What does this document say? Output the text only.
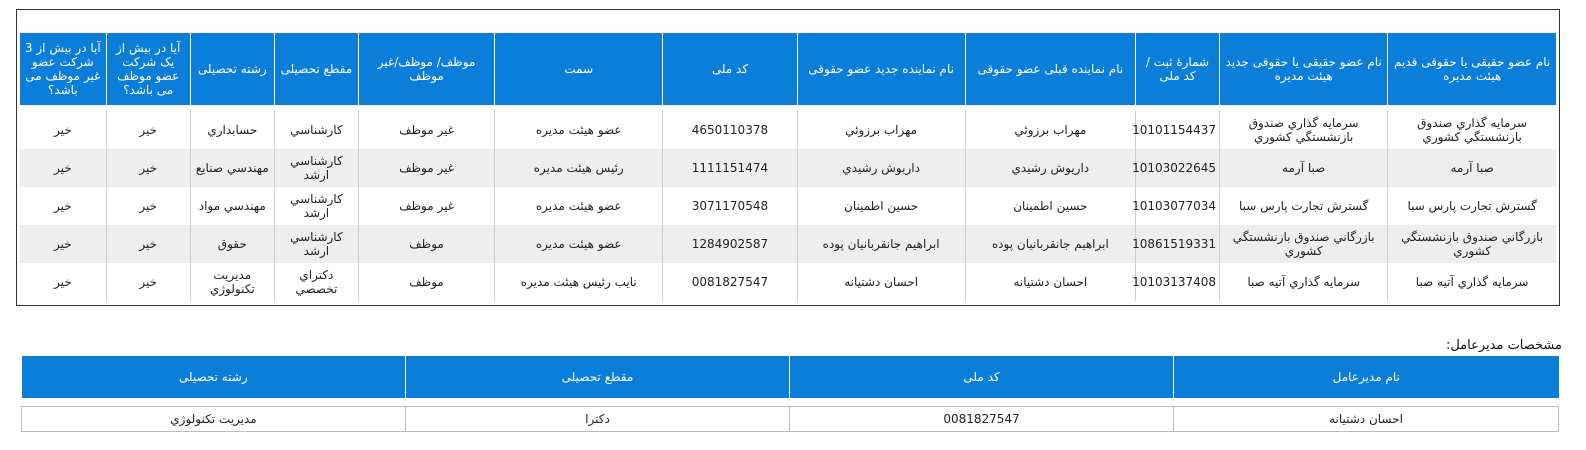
نام عضو حقیقی یا حقوقی قدیم هیئت مدیره	نام عضو حقیقی یا حقوقی جدید هیئت مدیره	شمارۀ ثبت / کد ملی	نام نماینده قبلی عضو حقوقی	نام نماینده جدید عضو حقوقی	کد ملی	سمت	موظف/ موظف/غیر موظف	مقطع تحصیلی	رشته تحصیلی	آیا در بیش از یک شرکت عضو موظف می باشد؟	آیا در بیش از 3 شرکت عضو غیر موظف می باشد؟

سرمايه گذاري صندوق بازنشستگي كشوري	سرمايه گذاري صندوق بازنشستگي كشوري	10101154437	مهراب برزوئي	مهراب برزوئي	4650110378	عضو هيئت مديره	غیر موظف	كارشناسي	حسابداري	خیر	خیر
صبا آرمه	صبا آرمه	10103022645	داريوش رشيدي	داريوش رشيدي	1111151474	رئيس هيئت مديره	غیر موظف	كارشناسي ارشد	مهندسي صنايع	خیر	خیر
گسترش تجارت پارس سبا	گسترش تجارت پارس سبا	10103077034	حسين اطمينان	حسين اطمينان	3071170548	عضو هيئت مديره	غیر موظف	كارشناسي ارشد	مهندسي مواد	خیر	خیر
بازرگاني صندوق بازنشستگي كشوري	بازرگاني صندوق بازنشستگي كشوري	10861519331	ابراهيم جانقربانيان پوده	ابراهيم جانقربانيان پوده	1284902587	عضو هيئت مديره	موظف	كارشناسي ارشد	حقوق	خیر	خیر
سرمايه گذاري آتيه صبا	سرمايه گذاري آتيه صبا	10103137408	احسان دشتيانه	احسان دشتيانه	0081827547	نايب رئيس هيئت مديره	موظف	دكتراي تخصصي	مديريت تكنولوژي	خیر	خیر
مشخصات مدیرعامل:
نام مدیرعامل	کد ملی	مقطع تحصیلی	رشته تحصیلی

احسان دشتيانه	0081827547	دكترا	مديريت تكنولوژي
